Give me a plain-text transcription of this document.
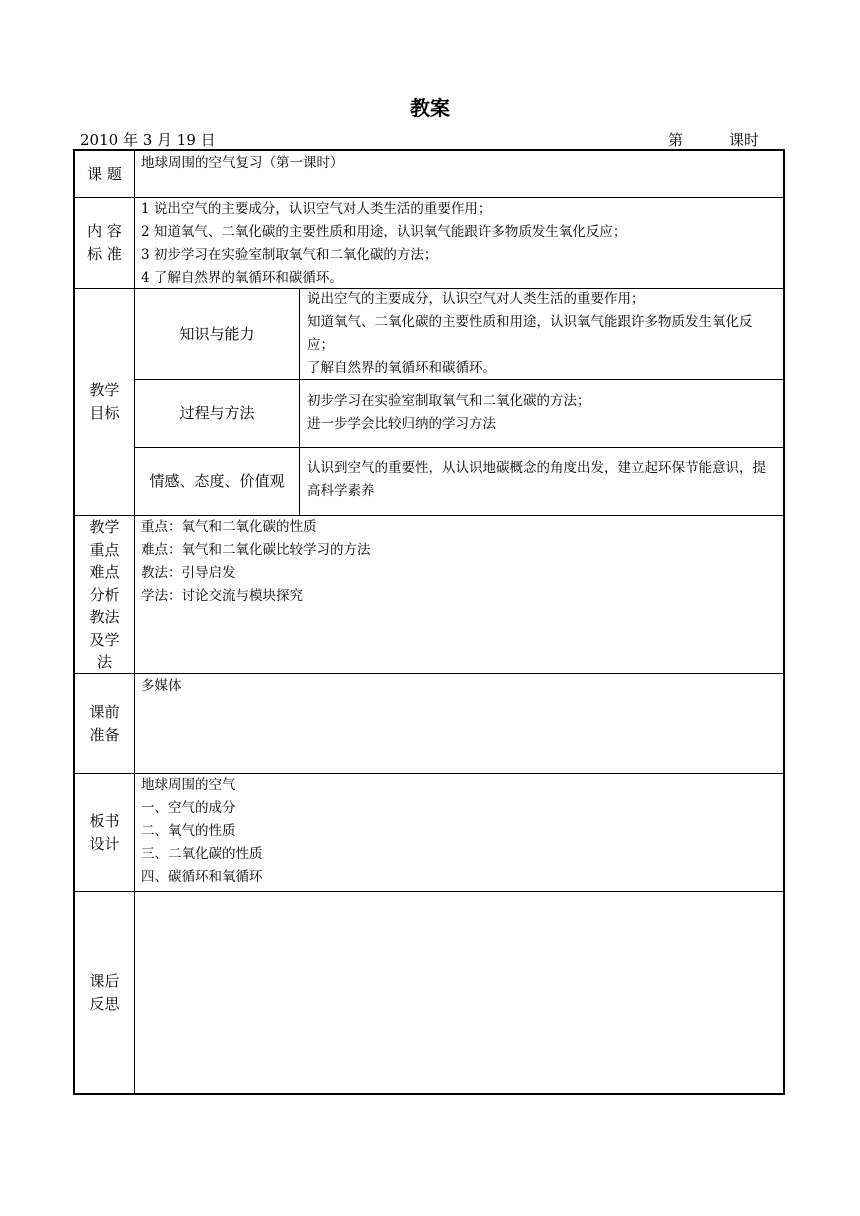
教案
2010 年 3 月 19 日	第	课时
课 题
地球周围的空气复习（第一课时）
内 容
标 准
1 说出空气的主要成分，认识空气对人类生活的重要作用；
2 知道氧气、二氧化碳的主要性质和用途，认识氧气能跟许多物质发生氧化反应；
3 初步学习在实验室制取氧气和二氧化碳的方法；
4 了解自然界的氧循环和碳循环。
教学
目标
知识与能力
说出空气的主要成分，认识空气对人类生活的重要作用；
知道氧气、二氧化碳的主要性质和用途，认识氧气能跟许多物质发生氧化反应；
了解自然界的氧循环和碳循环。
过程与方法
初步学习在实验室制取氧气和二氧化碳的方法；
进一步学会比较归纳的学习方法
情感、态度、价值观
认识到空气的重要性，从认识地碳概念的角度出发，建立起环保节能意识，提高科学素养
教学
重点
难点
分析
教法
及学
法
重点：氧气和二氧化碳的性质
难点：氧气和二氧化碳比较学习的方法
教法：引导启发
学法：讨论交流与模块探究
课前
准备
多媒体
板书
设计
地球周围的空气
一、空气的成分
二、氧气的性质
三、二氧化碳的性质
四、碳循环和氧循环
课后
反思
